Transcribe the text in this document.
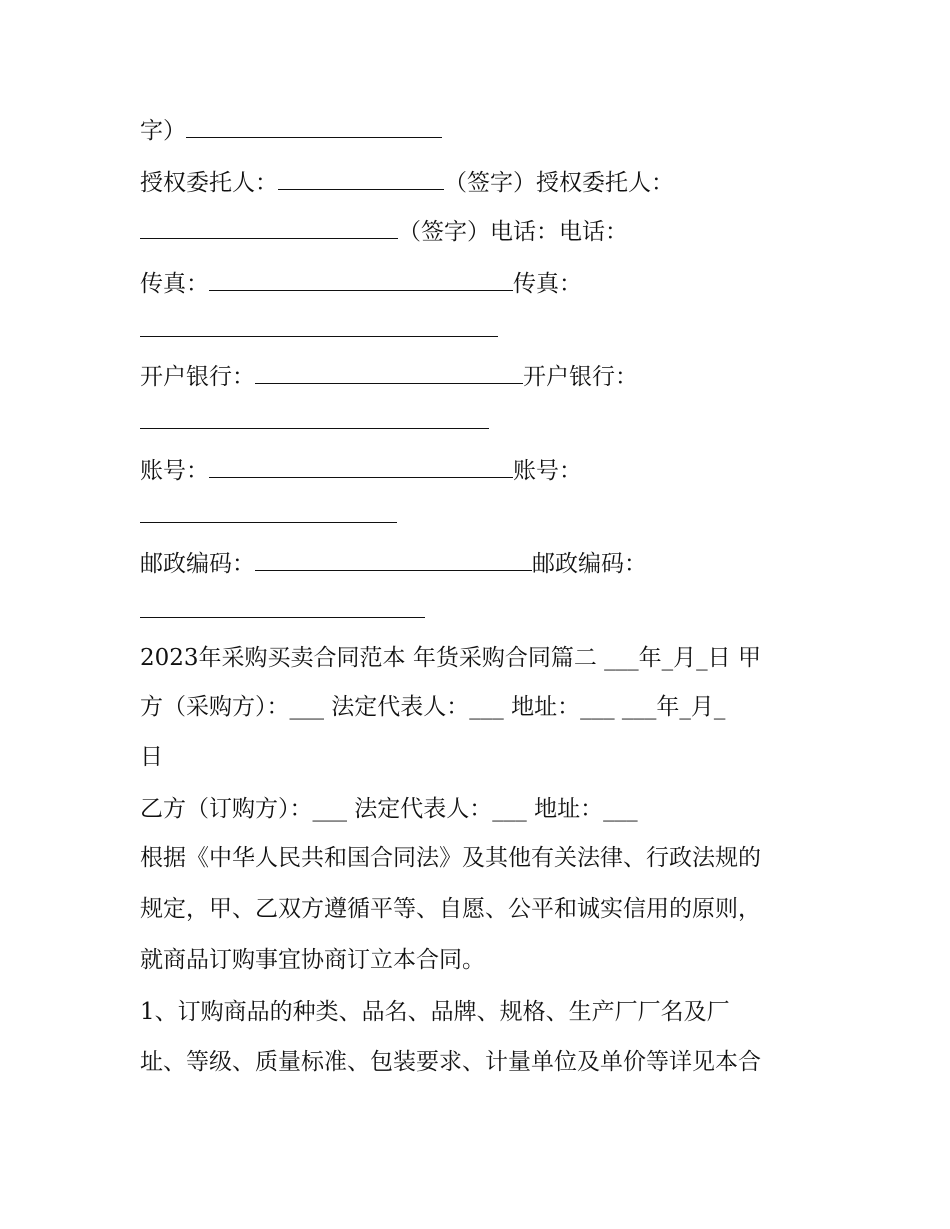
字）
授权委托人：	（签字）授权委托人：
（签字）电话：电话：
传真：	传真：
开户银行：	开户银行：
账号：	账号：
邮政编码：	邮政编码：
2023年采购买卖合同范本 年货采购合同篇二 ___年_月_日 甲
方（采购方）：___ 法定代表人：___ 地址：___ ___年_月_
日
乙方（订购方）：___ 法定代表人：___ 地址：___
根据《中华人民共和国合同法》及其他有关法律、行政法规的
规定，甲、乙双方遵循平等、自愿、公平和诚实信用的原则，
就商品订购事宜协商订立本合同。
1、订购商品的种类、品名、品牌、规格、生产厂厂名及厂
址、等级、质量标准、包装要求、计量单位及单价等详见本合
